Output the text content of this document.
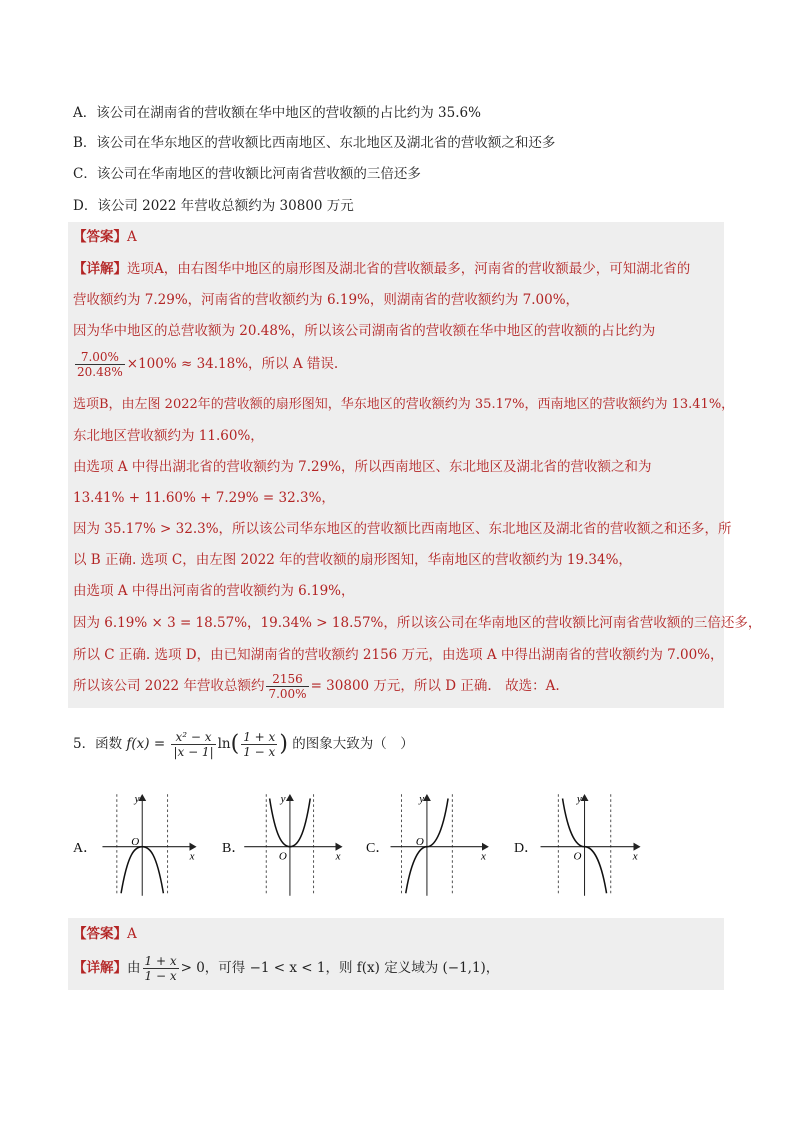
A．该公司在湖南省的营收额在华中地区的营收额的占比约为 35.6%
B．该公司在华东地区的营收额比西南地区、东北地区及湖北省的营收额之和还多
C．该公司在华南地区的营收额比河南省营收额的三倍还多
D．该公司 2022 年营收总额约为 30800 万元
【答案】A
【详解】选项A，由右图华中地区的扇形图及湖北省的营收额最多，河南省的营收额最少，可知湖北省的
营收额约为 7.29%，河南省的营收额约为 6.19%，则湖南省的营收额约为 7.00%，
因为华中地区的总营收额为 20.48%，所以该公司湖南省的营收额在华中地区的营收额的占比约为
$\frac{7.00\%}{20.48\%} \times 100\% \approx 34.18\%$，所以 A 错误.
选项B，由左图 2022年的营收额的扇形图知，华东地区的营收额约为 35.17%，西南地区的营收额约为 13.41%，
东北地区营收额约为 11.60%，
由选项 A 中得出湖北省的营收额约为 7.29%，所以西南地区、东北地区及湖北省的营收额之和为
13.41% + 11.60% + 7.29% = 32.3%，
因为 35.17% > 32.3%，所以该公司华东地区的营收额比西南地区、东北地区及湖北省的营收额之和还多，所
以 B 正确. 选项 C，由左图 2022 年的营收额的扇形图知，华南地区的营收额约为 19.34%，
由选项 A 中得出河南省的营收额约为 6.19%，
因为 6.19% × 3 = 18.57%，19.34% > 18.57%，所以该公司在华南地区的营收额比河南省营收额的三倍还多，
所以 C 正确. 选项 D，由已知湖南省的营收额约 2156 万元，由选项 A 中得出湖南省的营收额约为 7.00%，
所以该公司 2022 年营收总额约 $\frac{2156}{7.00\%} = 30800$ 万元，所以 D 正确.　故选：A.
5．函数 $f(x) = \frac{\text{x² − x}}{|x - 1|} \ln( \frac{1 + x}{1 - x}$ ) 的图象大致为（　）
A．	B．	C．	D．
O
x
y
O	x
y
O
x
y
O	x
y
【答案】A
【详解】由 $\frac{1 + x}{1 - x} > 0$，可得 −1 < x < 1，则 f(x) 定义域为 (−1,1)，
